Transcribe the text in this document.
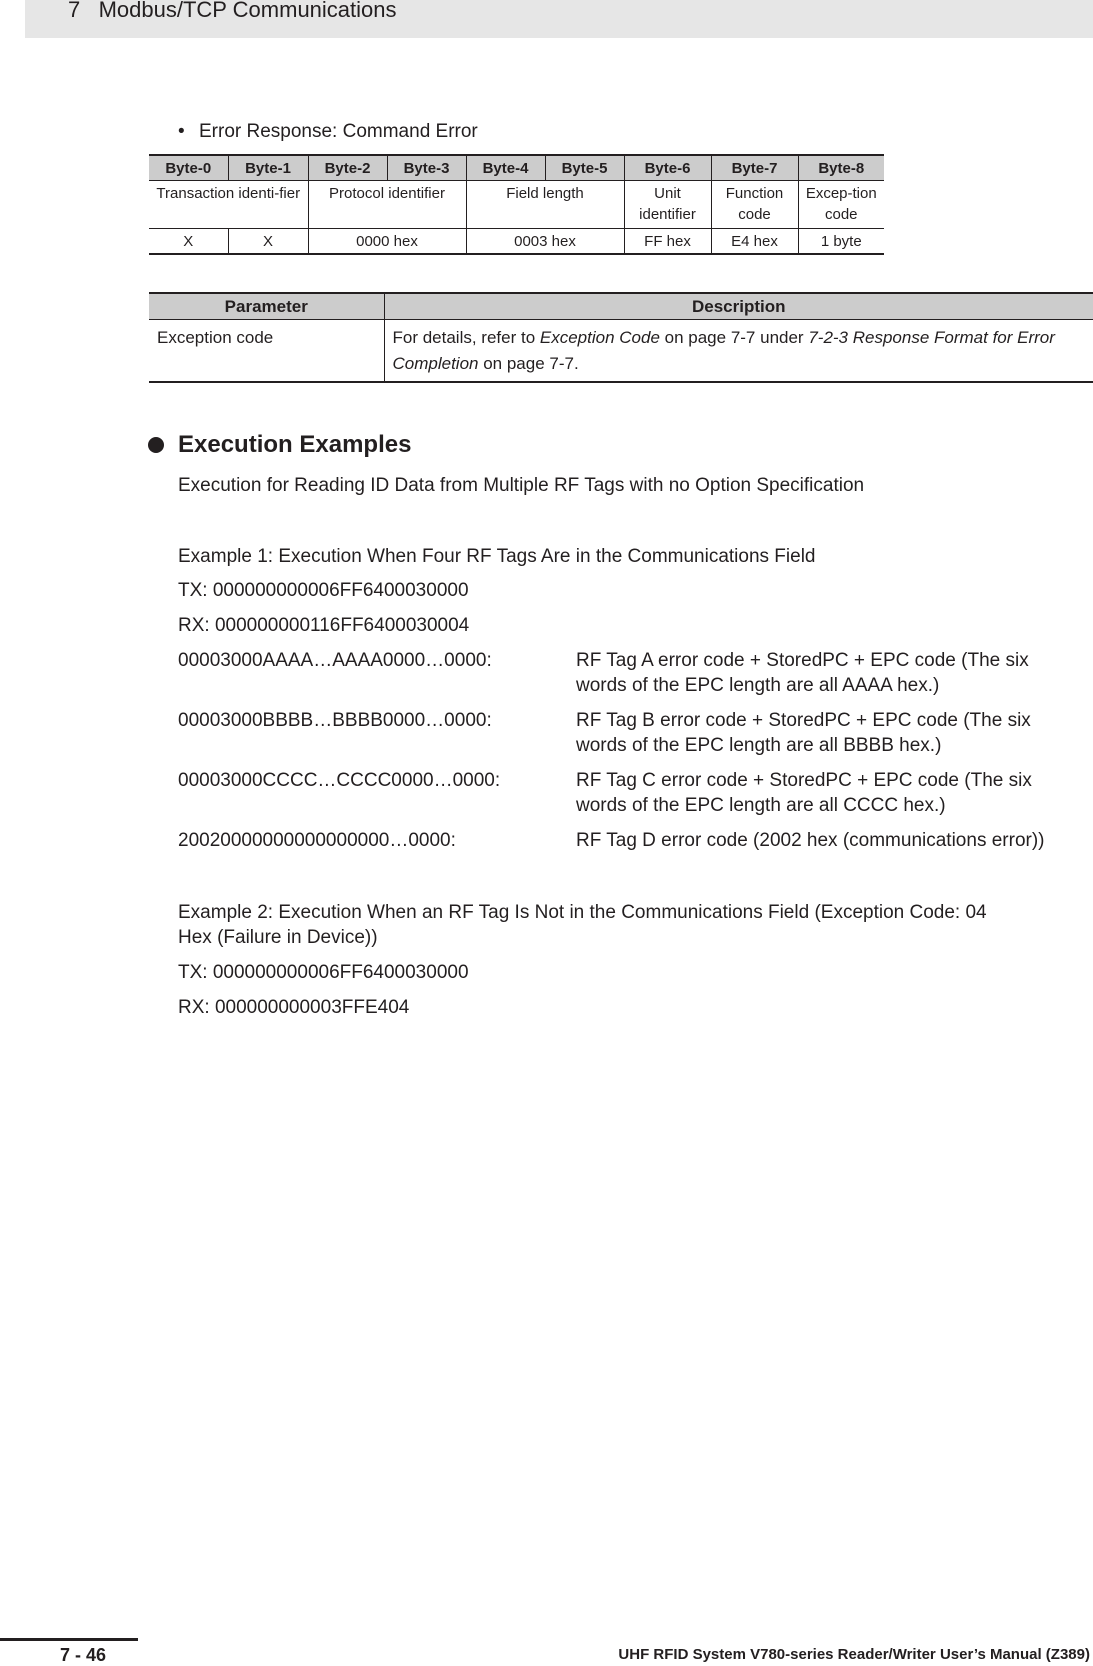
7   Modbus/TCP Communications

•

Error Response: Command Error

Byte-0	Byte-1	Byte-2	Byte-3	Byte-4	Byte-5	Byte-6	Byte-7	Byte-8
Transaction identi-fier		Protocol identifier		Field length		Unit identifier	Function code	Excep-tion code
X	X	0000 hex		0003 hex		FF hex	E4 hex	1 byte
Parameter	Description
Exception code	For details, refer to Exception Code on page 7-7 under 7-2-3 Response Format for Error Completion on page 7-7.

Execution Examples

Execution for Reading ID Data from Multiple RF Tags with no Option Specification
Example 1: Execution When Four RF Tags Are in the Communications Field
TX: 000000000006FF6400030000
RX: 000000000116FF6400030004
00003000AAAA…AAAA0000…0000:	RF Tag A error code + StoredPC + EPC code (The six words of the EPC length are all AAAA hex.)
00003000BBBB…BBBB0000…0000:	RF Tag B error code + StoredPC + EPC code (The six words of the EPC length are all BBBB hex.)
00003000CCCC…CCCC0000…0000:	RF Tag C error code + StoredPC + EPC code (The six words of the EPC length are all CCCC hex.)
20020000000000000000…0000:	RF Tag D error code (2002 hex (communications error))
Example 2: Execution When an RF Tag Is Not in the Communications Field (Exception Code: 04
Hex (Failure in Device))
TX: 000000000006FF6400030000
RX: 000000000003FFE404
7 - 46	UHF RFID System V780-series Reader/Writer User’s Manual (Z389)
